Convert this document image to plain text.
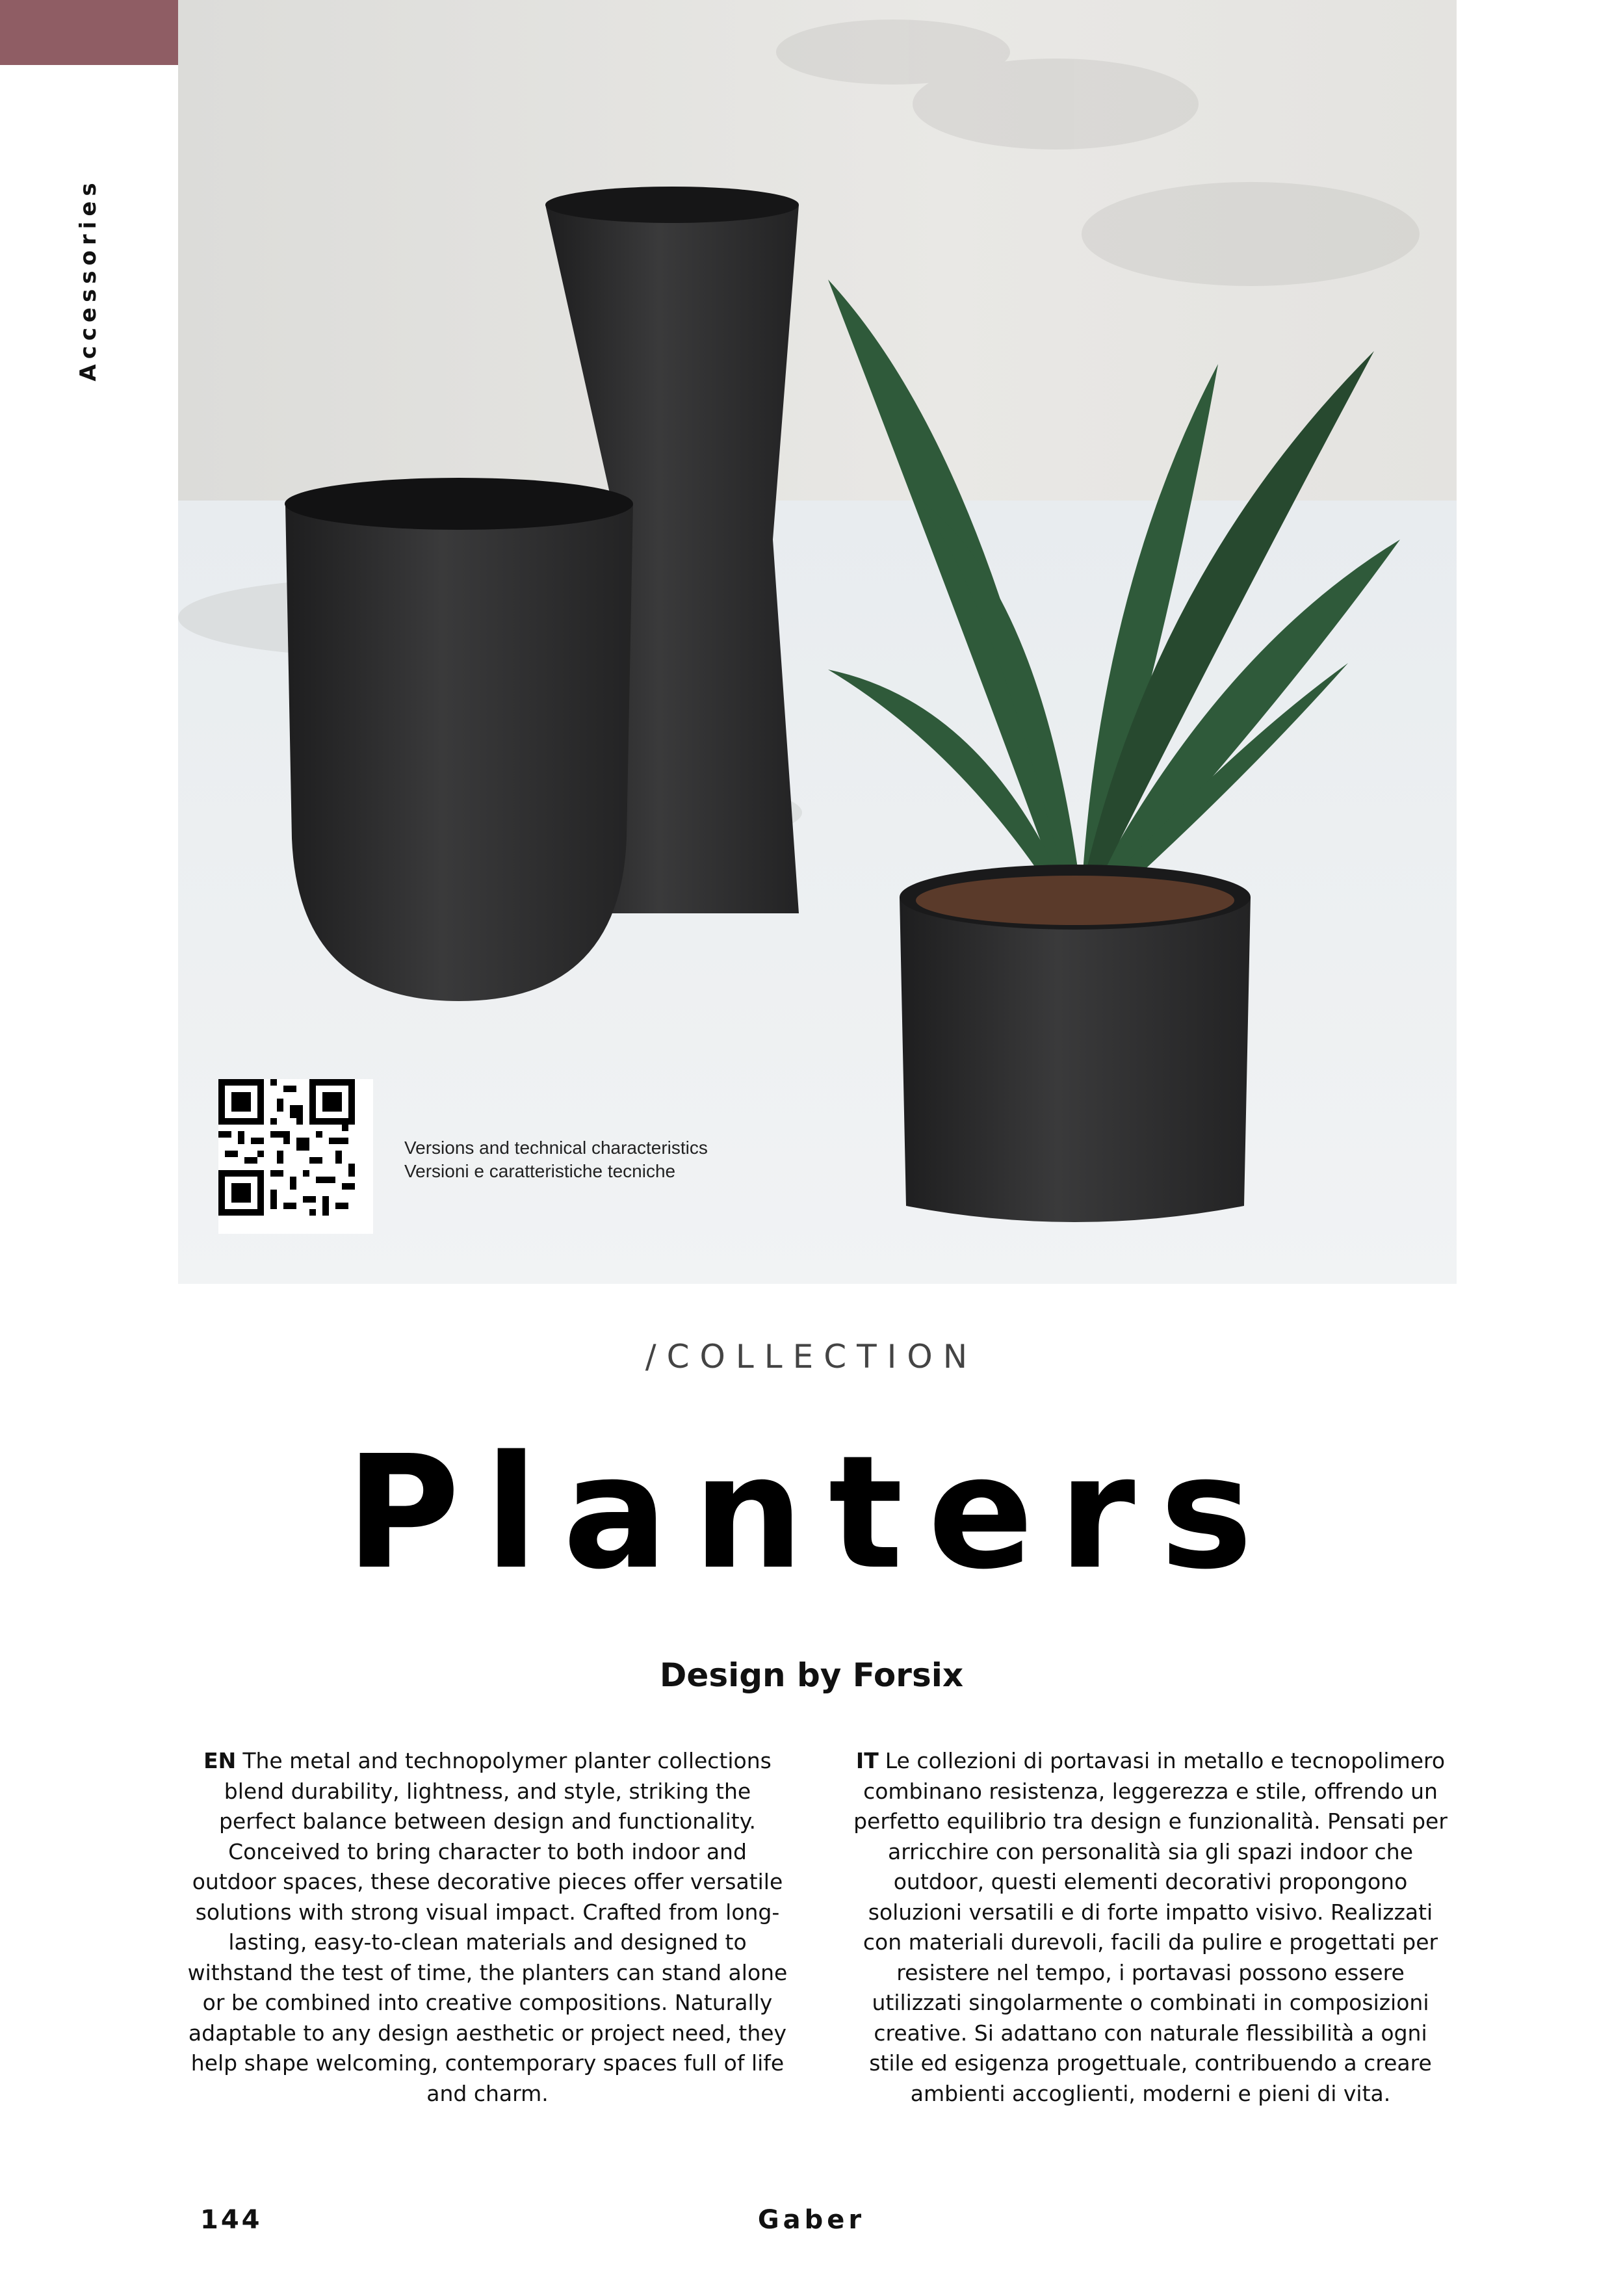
Accessories
Versions and technical characteristics
Versioni e caratteristiche tecniche
/COLLECTION
Planters
Design by Forsix
EN The metal and technopolymer planter collections blend durability, lightness, and style, striking the perfect balance between design and functionality. Conceived to bring character to both indoor and outdoor spaces, these decorative pieces offer versatile solutions with strong visual impact. Crafted from long-lasting, easy-to-clean materials and designed to withstand the test of time, the planters can stand alone or be combined into creative compositions. Naturally adaptable to any design aesthetic or project need, they help shape welcoming, contemporary spaces full of life and charm.
IT Le collezioni di portavasi in metallo e tecnopolimero combinano resistenza, leggerezza e stile, offrendo un perfetto equilibrio tra design e funzionalità. Pensati per arricchire con personalità sia gli spazi indoor che outdoor, questi elementi decorativi propongono soluzioni versatili e di forte impatto visivo. Realizzati con materiali durevoli, facili da pulire e progettati per resistere nel tempo, i portavasi possono essere utilizzati singolarmente o combinati in composizioni creative. Si adattano con naturale flessibilità a ogni stile ed esigenza progettuale, contribuendo a creare ambienti accoglienti, moderni e pieni di vita.
144	Gaber
